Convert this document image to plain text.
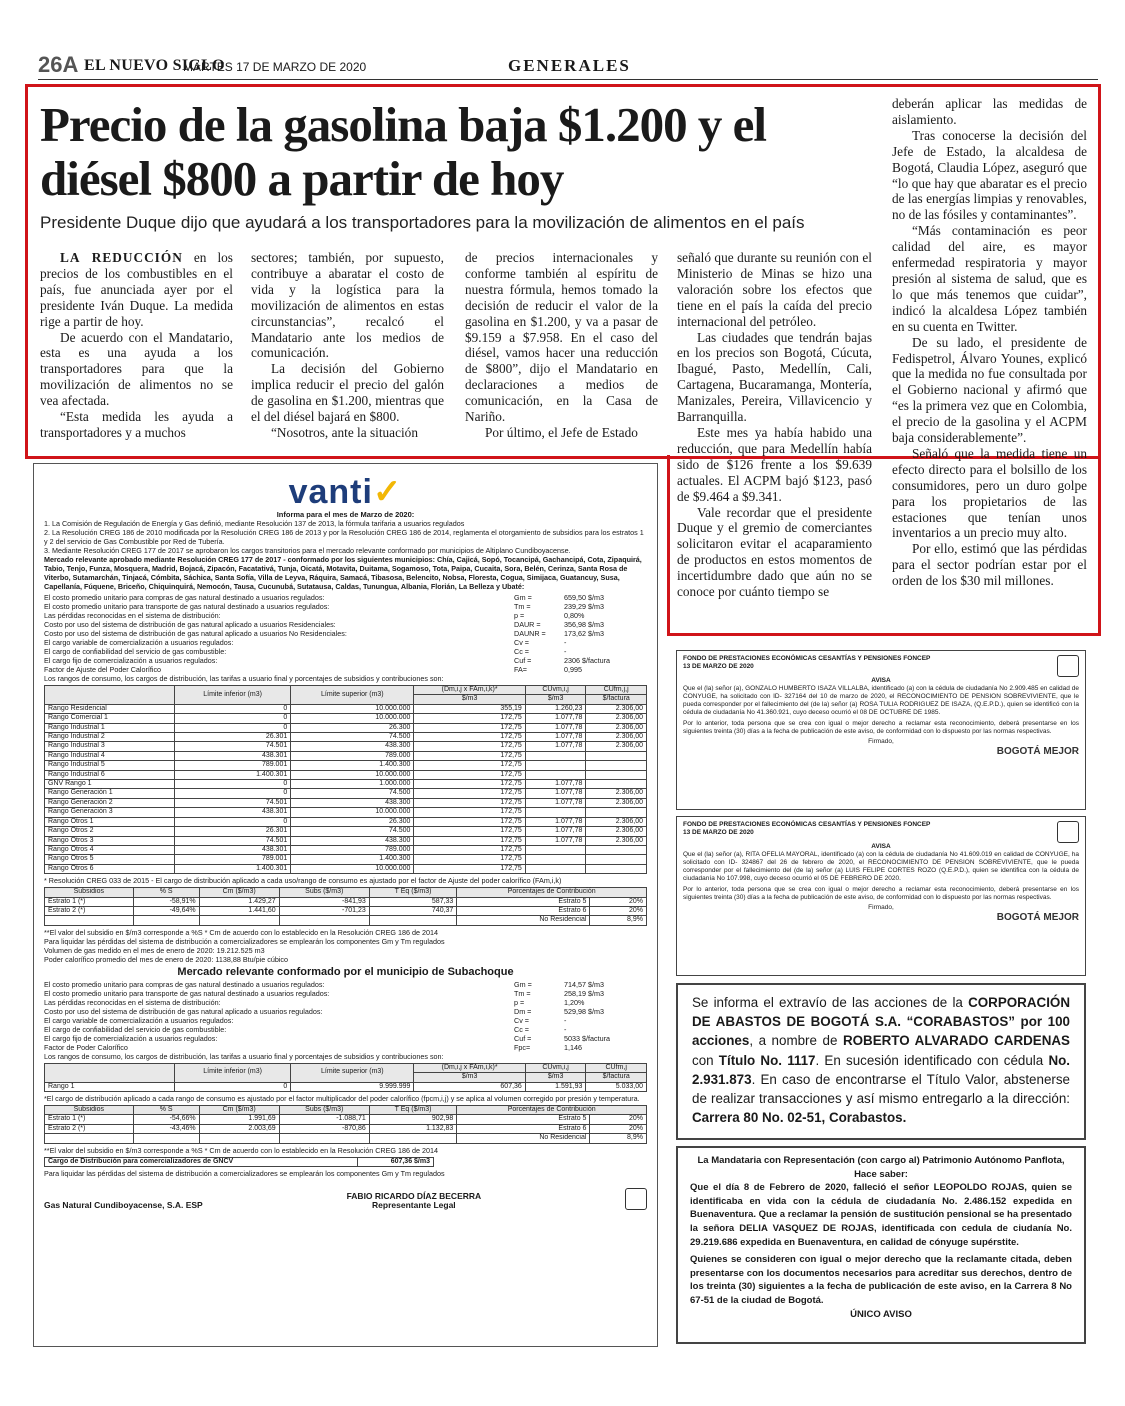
26A EL NUEVO SIGLO
MARTES 17 DE MARZO DE 2020	GENERALES
Precio de la gasolina baja $1.200 y el diésel $800 a partir de hoy
Presidente Duque dijo que ayudará a los transportadores para la movilización de alimentos en el país

LA REDUCCIÓN en los precios de los combustibles en el país, fue anunciada ayer por el presidente Iván Duque. La medida rige a partir de hoy.

De acuerdo con el Mandatario, esta es una ayuda a los transportadores para que la movilización de alimentos no se vea afectada.

“Esta medida les ayuda a transportadores y a muchos

sectores; también, por supuesto, contribuye a abaratar el costo de vida y la logística para la movilización de alimentos en estas circunstancias”, recalcó el Mandatario ante los medios de comunicación.

La decisión del Gobierno implica reducir el precio del galón de gasolina en $1.200, mientras que el del diésel bajará en $800.

“Nosotros, ante la situación

de precios internacionales y conforme también al espíritu de nuestra fórmula, hemos tomado la decisión de reducir el valor de la gasolina en $1.200, y va a pasar de $9.159 a $7.958. En el caso del diésel, vamos hacer una reducción de $800”, dijo el Mandatario en declaraciones a medios de comunicación, en la Casa de Nariño.

Por último, el Jefe de Estado

señaló que durante su reunión con el Ministerio de Minas se hizo una valoración sobre los efectos que tiene en el país la caída del precio internacional del petróleo.

Las ciudades que tendrán bajas en los precios son Bogotá, Cúcuta, Ibagué, Pasto, Medellín, Cali, Cartagena, Bucaramanga, Montería, Manizales, Pereira, Villavicencio y Barranquilla.

Este mes ya había habido una reducción, que para Medellín había sido de $126 frente a los $9.639 actuales. El ACPM bajó $123, pasó de $9.464 a $9.341.

Vale recordar que el presidente Duque y el gremio de comerciantes solicitaron evitar el acaparamiento de productos en estos momentos de incertidumbre dado que aún no se conoce por cuánto tiempo se

deberán aplicar las medidas de aislamiento.

Tras conocerse la decisión del Jefe de Estado, la alcaldesa de Bogotá, Claudia López, aseguró que “lo que hay que abaratar es el precio de las energías limpias y renovables, no de las fósiles y contaminantes”.

“Más contaminación es peor calidad del aire, es mayor enfermedad respiratoria y mayor presión al sistema de salud, que es lo que más tenemos que cuidar”, indicó la alcaldesa López también en su cuenta en Twitter.

De su lado, el presidente de Fedispetrol, Álvaro Younes, explicó que la medida no fue consultada por el Gobierno nacional y afirmó que “es la primera vez que en Colombia, el precio de la gasolina y el ACPM baja considerablemente”.

Señaló que la medida tiene un efecto directo para el bolsillo de los consumidores, pero un duro golpe para los propietarios de las estaciones que tenían unos inventarios a un precio muy alto.

Por ello, estimó que las pérdidas para el sector podrían estar por el orden de los $30 mil millones.

vanti✓
Informa para el mes de Marzo de 2020:
1. La Comisión de Regulación de Energía y Gas definió, mediante Resolución 137 de 2013, la fórmula tarifaria a usuarios regulados
2. La Resolución CREG 186 de 2010 modificada por la Resolución CREG 186 de 2013 y por la Resolución CREG 186 de 2014, reglamenta el otorgamiento de subsidios para los estratos 1 y 2 del servicio de Gas Combustible por Red de Tubería.
3. Mediante Resolución CREG 177 de 2017 se aprobaron los cargos transitorios para el mercado relevante conformado por municipios de Altiplano Cundiboyacense.
Mercado relevante aprobado mediante Resolución CREG 177 de 2017 - conformado por los siguientes municipios: Chía, Cajicá, Sopó, Tocancipá, Gachancipá, Cota, Zipaquirá, Tabio, Tenjo, Funza, Mosquera, Madrid, Bojacá, Zipacón, Facatativá, Tunja, Oicatá, Motavita, Duitama, Sogamoso, Tota, Paipa, Cucaita, Sora, Belén, Cerinza, Santa Rosa de Viterbo, Sutamarchán, Tinjacá, Cómbita, Sáchica, Santa Sofía, Villa de Leyva, Ráquira, Samacá, Tibasosa, Belencito, Nobsa, Floresta, Cogua, Simijaca, Guatancuy, Susa, Capellanía, Fúquene, Briceño, Chiquinquirá, Nemocón, Tausa, Cucunubá, Sutatausa, Caldas, Tunungua, Albania, Florián, La Belleza y Ubaté:
El costo promedio unitario para compras de gas natural destinado a usuarios regulados:	Gm =	659,50 $/m3
El costo promedio unitario para transporte de gas natural destinado a usuarios regulados:	Tm =	239,29 $/m3
Las pérdidas reconocidas en el sistema de distribución:	p =	0,80%
Costo por uso del sistema de distribución de gas natural aplicado a usuarios Residenciales:	DAUR =	356,98 $/m3
Costo por uso del sistema de distribución de gas natural aplicado a usuarios No Residenciales:	DAUNR =	173,62 $/m3
El cargo variable de comercialización a usuarios regulados:	Cv =	-
El cargo de confiabilidad del servicio de gas combustible:	Cc =	-
El cargo fijo de comercialización a usuarios regulados:	Cuf =	2306 $/factura
Factor de Ajuste del Poder Calorífico	FA=	0,995
Los rangos de consumo, los cargos de distribución, las tarifas a usuario final y porcentajes de subsidios y contribuciones son:
	Límite inferior (m3)	Límite superior (m3)	(Dm,i,j x FAm,i,k)*	CUvm,i,j	CUfm,j,j
			$/m3	$/m3	$/factura
Rango Residencial	0	10.000.000	355,19	1.260,23	2.306,00
Rango Comercial 1	0	10.000.000	172,75	1.077,78	2.306,00
Rango Industrial 1	0	26.300	172,75	1.077,78	2.306,00
Rango Industrial 2	26.301	74.500	172,75	1.077,78	2.306,00
Rango Industrial 3	74.501	438.300	172,75	1.077,78	2.306,00
Rango Industrial 4	438.301	789.000	172,75		
Rango Industrial 5	789.001	1.400.300	172,75		
Rango Industrial 6	1.400.301	10.000.000	172,75		
GNV Rango 1	0	1.000.000	172,75	1.077,78	
Rango Generación 1	0	74.500	172,75	1.077,78	2.306,00
Rango Generación 2	74.501	438.300	172,75	1.077,78	2.306,00
Rango Generación 3	438.301	10.000.000	172,75		
Rango Otros 1	0	26.300	172,75	1.077,78	2.306,00
Rango Otros 2	26.301	74.500	172,75	1.077,78	2.306,00
Rango Otros 3	74.501	438.300	172,75	1.077,78	2.306,00
Rango Otros 4	438.301	789.000	172,75		
Rango Otros 5	789.001	1.400.300	172,75		
Rango Otros 6	1.400.301	10.000.000	172,75		
* Resolución CREG 033 de 2015 - El cargo de distribución aplicado a cada uso/rango de consumo es ajustado por el factor de Ajuste del poder calorífico (FAm,i,k)
Subsidios	% S	Cm ($/m3)	Subs ($/m3)	T Eq ($/m3)	Porcentajes de Contribución	
Estrato 1 (*)	-58,91%	1.429,27	-841,93	587,33	Estrato 5	20%
Estrato 2 (*)	-49,64%	1.441,60	-701,23	740,37	Estrato 6	20%
					No Residencial	8,9%
**El valor del subsidio en $/m3 corresponde a %S * Cm de acuerdo con lo establecido en la Resolución CREG 186 de 2014
Para liquidar las pérdidas del sistema de distribución a comercializadores se emplearán los componentes Gm y Tm regulados
Volumen de gas medido en el mes de enero de 2020: 19.212.525 m3
Poder calorífico promedio del mes de enero de 2020: 1138,88 Btu/pie cúbico
Mercado relevante conformado por el municipio de Subachoque
El costo promedio unitario para compras de gas natural destinado a usuarios regulados:	Gm =	714,57 $/m3
El costo promedio unitario para transporte de gas natural destinado a usuarios regulados:	Tm =	258,19 $/m3
Las pérdidas reconocidas en el sistema de distribución:	p =	1,20%
Costo por uso del sistema de distribución de gas natural aplicado a usuarios regulados:	Dm =	529,98 $/m3
El cargo variable de comercialización a usuarios regulados:	Cv =	-
El cargo de confiabilidad del servicio de gas combustible:	Cc =	-
El cargo fijo de comercialización a usuarios regulados:	Cuf =	5033 $/factura
Factor de Poder Calorífico	Fpc=	1,146
Los rangos de consumo, los cargos de distribución, las tarifas a usuario final y porcentajes de subsidios y contribuciones son:
	Límite inferior (m3)	Límite superior (m3)	(Dm,i,j x FAm,i,k)*	CUvm,i,j	CUfm,j
			$/m3	$/m3	$/factura
Rango 1	0	9.999.999	607,36	1.591,93	5.033,00
*El cargo de distribución aplicado a cada rango de consumo es ajustado por el factor multiplicador del poder calorífico (fpcm,i,j) y se aplica al volumen corregido por presión y temperatura.
Subsidios	% S	Cm ($/m3)	Subs ($/m3)	T Eq ($/m3)	Porcentajes de Contribución	
Estrato 1 (*)	-54,66%	1.991,69	-1.088,71	902,98	Estrato 5	20%
Estrato 2 (*)	-43,46%	2.003,69	-870,86	1.132,83	Estrato 6	20%
					No Residencial	8,9%
**El valor del subsidio en $/m3 corresponde a %S * Cm de acuerdo con lo establecido en la Resolución CREG 186 de 2014
Cargo de Distribución para comercializadores de GNCV	607,36 $/m3
Para liquidar las pérdidas del sistema de distribución a comercializadores se emplearán los componentes Gm y Tm regulados
Gas Natural Cundiboyacense, S.A. ESP
FABIO RICARDO DÍAZ BECERRA
Representante Legal
FONDO DE PRESTACIONES ECONÓMICAS CESANTÍAS Y PENSIONES FONCEP
13 DE MARZO DE 2020
AVISA
Que el (la) señor (a), GONZALO HUMBERTO ISAZA VILLALBA, identificado (a) con la cédula de ciudadanía No 2.909.485 en calidad de CONYUGE, ha solicitado con ID- 327164 del 10 de marzo de 2020, el RECONOCIMIENTO DE PENSION SOBREVIVIENTE, que le pueda corresponder por el fallecimiento del (de la) señor (a) ROSA TULIA RODRIGUEZ DE ISAZA, (Q.E.P.D.), quien se identificó con la cédula de ciudadanía No 41.360.921, cuyo deceso ocurrió el 08 DE OCTUBRE DE 1985.
Por lo anterior, toda persona que se crea con igual o mejor derecho a reclamar esta reconocimiento, deberá presentarse en los siguientes treinta (30) días a la fecha de publicación de este aviso, de conformidad con lo dispuesto por las normas respectivas.
Firmado,
BOGOTÁ MEJOR
FONDO DE PRESTACIONES ECONÓMICAS CESANTÍAS Y PENSIONES FONCEP
13 DE MARZO DE 2020
AVISA
Que el (la) señor (a), RITA OFELIA MAYORAL, identificado (a) con la cédula de ciudadanía No 41.609.019 en calidad de CONYUGE, ha solicitado con ID- 324867 del 26 de febrero de 2020, el RECONOCIMIENTO DE PENSION SOBREVIVIENTE, que le pueda corresponder por el fallecimiento del (de la) señor (a) LUIS FELIPE CORTES ROZO (Q.E.P.D.), quien se identifica con la cédula de ciudadanía No 107.998, cuyo deceso ocurrió el 05 DE FEBRERO DE 2020.
Por lo anterior, toda persona que se crea con igual o mejor derecho a reclamar esta reconocimiento, deberá presentarse en los siguientes treinta (30) días a la fecha de publicación de este aviso, de conformidad con lo dispuesto por las normas respectivas.
Firmado,
BOGOTÁ MEJOR
Se informa el extravío de las acciones de la CORPORACIÓN DE ABASTOS DE BOGOTÁ S.A. “CORABASTOS” por 100 acciones, a nombre de ROBERTO ALVARADO CARDENAS con Título No. 1117. En sucesión identificado con cédula No. 2.931.873. En caso de encontrarse el Título Valor, abstenerse de realizar transacciones y así mismo entregarlo a la dirección: Carrera 80 No. 02-51, Corabastos.
La Mandataria con Representación (con cargo al) Patrimonio Autónomo Panflota,
Hace saber:
Que el día 8 de Febrero de 2020, falleció el señor LEOPOLDO ROJAS, quien se identificaba en vida con la cédula de ciudadanía No. 2.486.152 expedida en Buenaventura. Que a reclamar la pensión de sustitución pensional se ha presentado la señora DELIA VASQUEZ DE ROJAS, identificada con cedula de ciudanía No. 29.219.686 expedida en Buenaventura, en calidad de cónyuge supérstite.
Quienes se consideren con igual o mejor derecho que la reclamante citada, deben presentarse con los documentos necesarios para acreditar sus derechos, dentro de los treinta (30) siguientes a la fecha de publicación de este aviso, en la Carrera 8 No 67-51 de la ciudad de Bogotá.
ÚNICO AVISO
